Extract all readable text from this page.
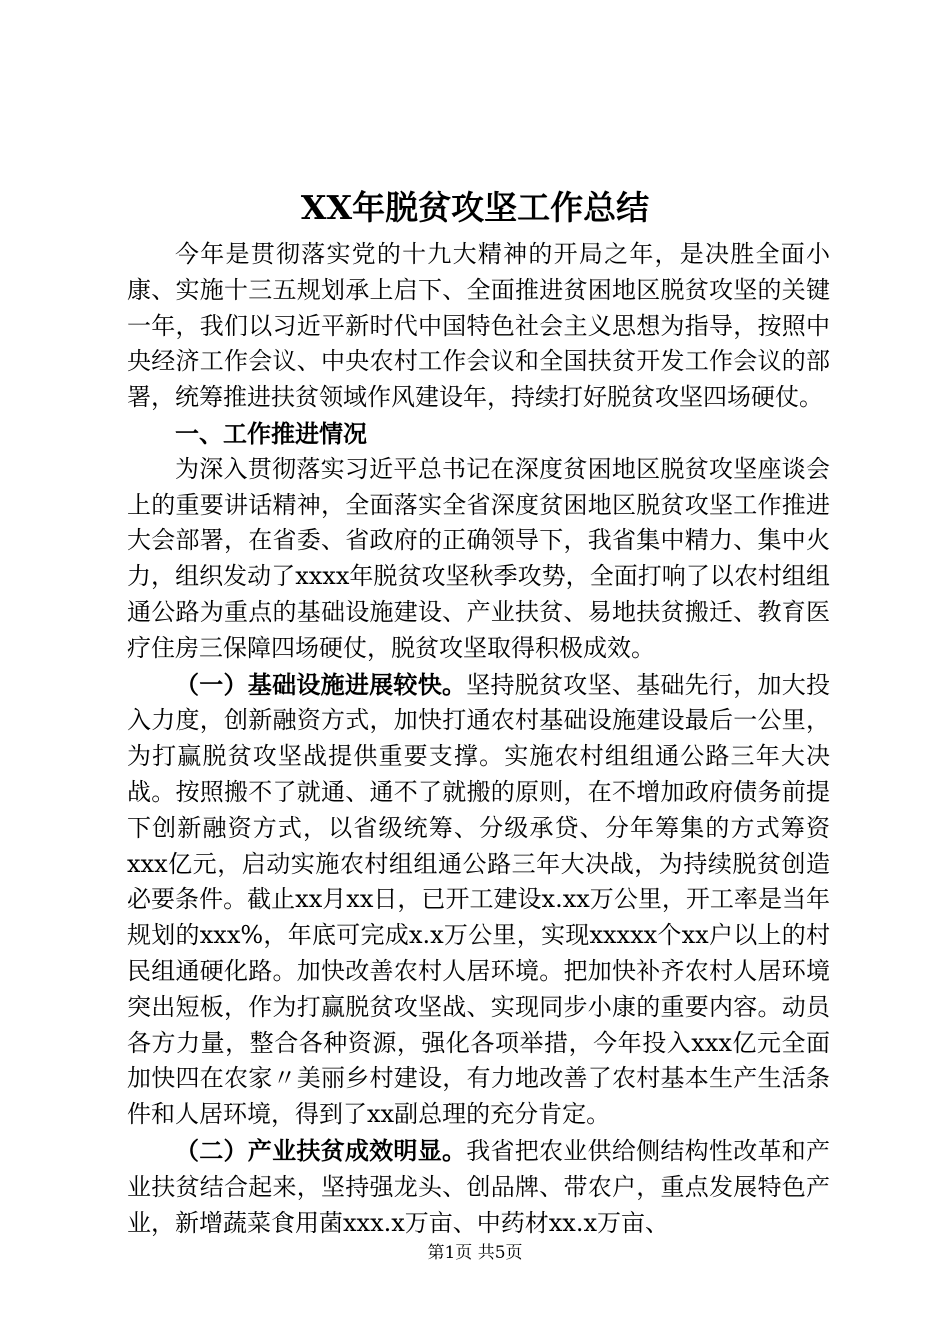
XX年脱贫攻坚工作总结

今年是贯彻落实党的十九大精神的开局之年，是决胜全面小康、实施十三五规划承上启下、全面推进贫困地区脱贫攻坚的关键一年，我们以习近平新时代中国特色社会主义思想为指导，按照中央经济工作会议、中央农村工作会议和全国扶贫开发工作会议的部署，统筹推进扶贫领域作风建设年，持续打好脱贫攻坚四场硬仗。

一、工作推进情况

为深入贯彻落实习近平总书记在深度贫困地区脱贫攻坚座谈会上的重要讲话精神，全面落实全省深度贫困地区脱贫攻坚工作推进大会部署，在省委、省政府的正确领导下，我省集中精力、集中火力，组织发动了xxxx年脱贫攻坚秋季攻势，全面打响了以农村组组通公路为重点的基础设施建设、产业扶贫、易地扶贫搬迁、教育医疗住房三保障四场硬仗，脱贫攻坚取得积极成效。

（一）基础设施进展较快。坚持脱贫攻坚、基础先行，加大投入力度，创新融资方式，加快打通农村基础设施建设最后一公里，为打赢脱贫攻坚战提供重要支撑。实施农村组组通公路三年大决战。按照搬不了就通、通不了就搬的原则，在不增加政府债务前提下创新融资方式，以省级统筹、分级承贷、分年筹集的方式筹资xxx亿元，启动实施农村组组通公路三年大决战，为持续脱贫创造必要条件。截止xx月xx日，已开工建设x.xx万公里，开工率是当年规划的xxx%，年底可完成x.x万公里，实现xxxxx个xx户以上的村民组通硬化路。加快改善农村人居环境。把加快补齐农村人居环境突出短板，作为打赢脱贫攻坚战、实现同步小康的重要内容。动员各方力量，整合各种资源，强化各项举措，今年投入xxx亿元全面加快四在农家〃美丽乡村建设，有力地改善了农村基本生产生活条件和人居环境，得到了xx副总理的充分肯定。

（二）产业扶贫成效明显。我省把农业供给侧结构性改革和产业扶贫结合起来，坚持强龙头、创品牌、带农户，重点发展特色产业，新增蔬菜食用菌xxx.x万亩、中药材xx.x万亩、

第1页 共5页
